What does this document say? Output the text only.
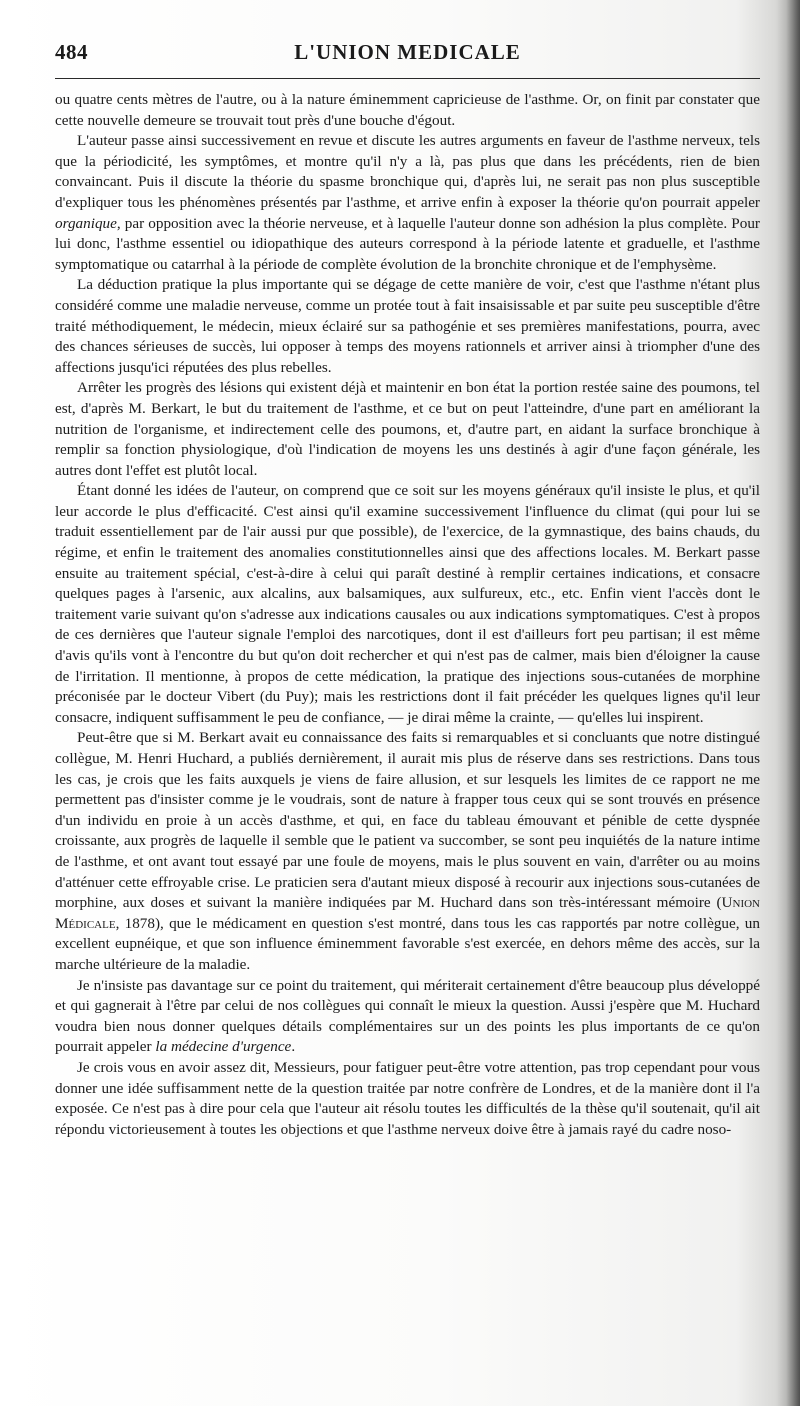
484	L'UNION MEDICALE

ou quatre cents mètres de l'autre, ou à la nature éminemment capricieuse de l'asthme. Or, on finit par constater que cette nouvelle demeure se trouvait tout près d'une bouche d'égout.

L'auteur passe ainsi successivement en revue et discute les autres arguments en faveur de l'asthme nerveux, tels que la périodicité, les symptômes, et montre qu'il n'y a là, pas plus que dans les précédents, rien de bien convaincant. Puis il discute la théorie du spasme bronchique qui, d'après lui, ne serait pas non plus susceptible d'expliquer tous les phénomènes présentés par l'asthme, et arrive enfin à exposer la théorie qu'on pourrait appeler organique, par opposition avec la théorie nerveuse, et à laquelle l'auteur donne son adhésion la plus complète. Pour lui donc, l'asthme essentiel ou idiopathique des auteurs correspond à la période latente et graduelle, et l'asthme symptomatique ou catarrhal à la période de complète évolution de la bronchite chronique et de l'emphysème.

La déduction pratique la plus importante qui se dégage de cette manière de voir, c'est que l'asthme n'étant plus considéré comme une maladie nerveuse, comme un protée tout à fait insaisissable et par suite peu susceptible d'être traité méthodiquement, le médecin, mieux éclairé sur sa pathogénie et ses premières manifestations, pourra, avec des chances sérieuses de succès, lui opposer à temps des moyens rationnels et arriver ainsi à triompher d'une des affections jusqu'ici réputées des plus rebelles.

Arrêter les progrès des lésions qui existent déjà et maintenir en bon état la portion restée saine des poumons, tel est, d'après M. Berkart, le but du traitement de l'asthme, et ce but on peut l'atteindre, d'une part en améliorant la nutrition de l'organisme, et indirectement celle des poumons, et, d'autre part, en aidant la surface bronchique à remplir sa fonction physiologique, d'où l'indication de moyens les uns destinés à agir d'une façon générale, les autres dont l'effet est plutôt local.

Étant donné les idées de l'auteur, on comprend que ce soit sur les moyens généraux qu'il insiste le plus, et qu'il leur accorde le plus d'efficacité. C'est ainsi qu'il examine successivement l'influence du climat (qui pour lui se traduit essentiellement par de l'air aussi pur que possible), de l'exercice, de la gymnastique, des bains chauds, du régime, et enfin le traitement des anomalies constitutionnelles ainsi que des affections locales. M. Berkart passe ensuite au traitement spécial, c'est-à-dire à celui qui paraît destiné à remplir certaines indications, et consacre quelques pages à l'arsenic, aux alcalins, aux balsamiques, aux sulfureux, etc., etc. Enfin vient l'accès dont le traitement varie suivant qu'on s'adresse aux indications causales ou aux indications symptomatiques. C'est à propos de ces dernières que l'auteur signale l'emploi des narcotiques, dont il est d'ailleurs fort peu partisan; il est même d'avis qu'ils vont à l'encontre du but qu'on doit rechercher et qui n'est pas de calmer, mais bien d'éloigner la cause de l'irritation. Il mentionne, à propos de cette médication, la pratique des injections sous-cutanées de morphine préconisée par le docteur Vibert (du Puy); mais les restrictions dont il fait précéder les quelques lignes qu'il leur consacre, indiquent suffisamment le peu de confiance, — je dirai même la crainte, — qu'elles lui inspirent.

Peut-être que si M. Berkart avait eu connaissance des faits si remarquables et si concluants que notre distingué collègue, M. Henri Huchard, a publiés dernièrement, il aurait mis plus de réserve dans ses restrictions. Dans tous les cas, je crois que les faits auxquels je viens de faire allusion, et sur lesquels les limites de ce rapport ne me permettent pas d'insister comme je le voudrais, sont de nature à frapper tous ceux qui se sont trouvés en présence d'un individu en proie à un accès d'asthme, et qui, en face du tableau émouvant et pénible de cette dyspnée croissante, aux progrès de laquelle il semble que le patient va succomber, se sont peu inquiétés de la nature intime de l'asthme, et ont avant tout essayé par une foule de moyens, mais le plus souvent en vain, d'arrêter ou au moins d'atténuer cette effroyable crise. Le praticien sera d'autant mieux disposé à recourir aux injections sous-cutanées de morphine, aux doses et suivant la manière indiquées par M. Huchard dans son très-intéressant mémoire (Union Médicale, 1878), que le médicament en question s'est montré, dans tous les cas rapportés par notre collègue, un excellent eupnéique, et que son influence éminemment favorable s'est exercée, en dehors même des accès, sur la marche ultérieure de la maladie.

Je n'insiste pas davantage sur ce point du traitement, qui mériterait certainement d'être beaucoup plus développé et qui gagnerait à l'être par celui de nos collègues qui connaît le mieux la question. Aussi j'espère que M. Huchard voudra bien nous donner quelques détails complémentaires sur un des points les plus importants de ce qu'on pourrait appeler la médecine d'urgence.

Je crois vous en avoir assez dit, Messieurs, pour fatiguer peut-être votre attention, pas trop cependant pour vous donner une idée suffisamment nette de la question traitée par notre confrère de Londres, et de la manière dont il l'a exposée. Ce n'est pas à dire pour cela que l'auteur ait résolu toutes les difficultés de la thèse qu'il soutenait, qu'il ait répondu victorieusement à toutes les objections et que l'asthme nerveux doive être à jamais rayé du cadre noso-
